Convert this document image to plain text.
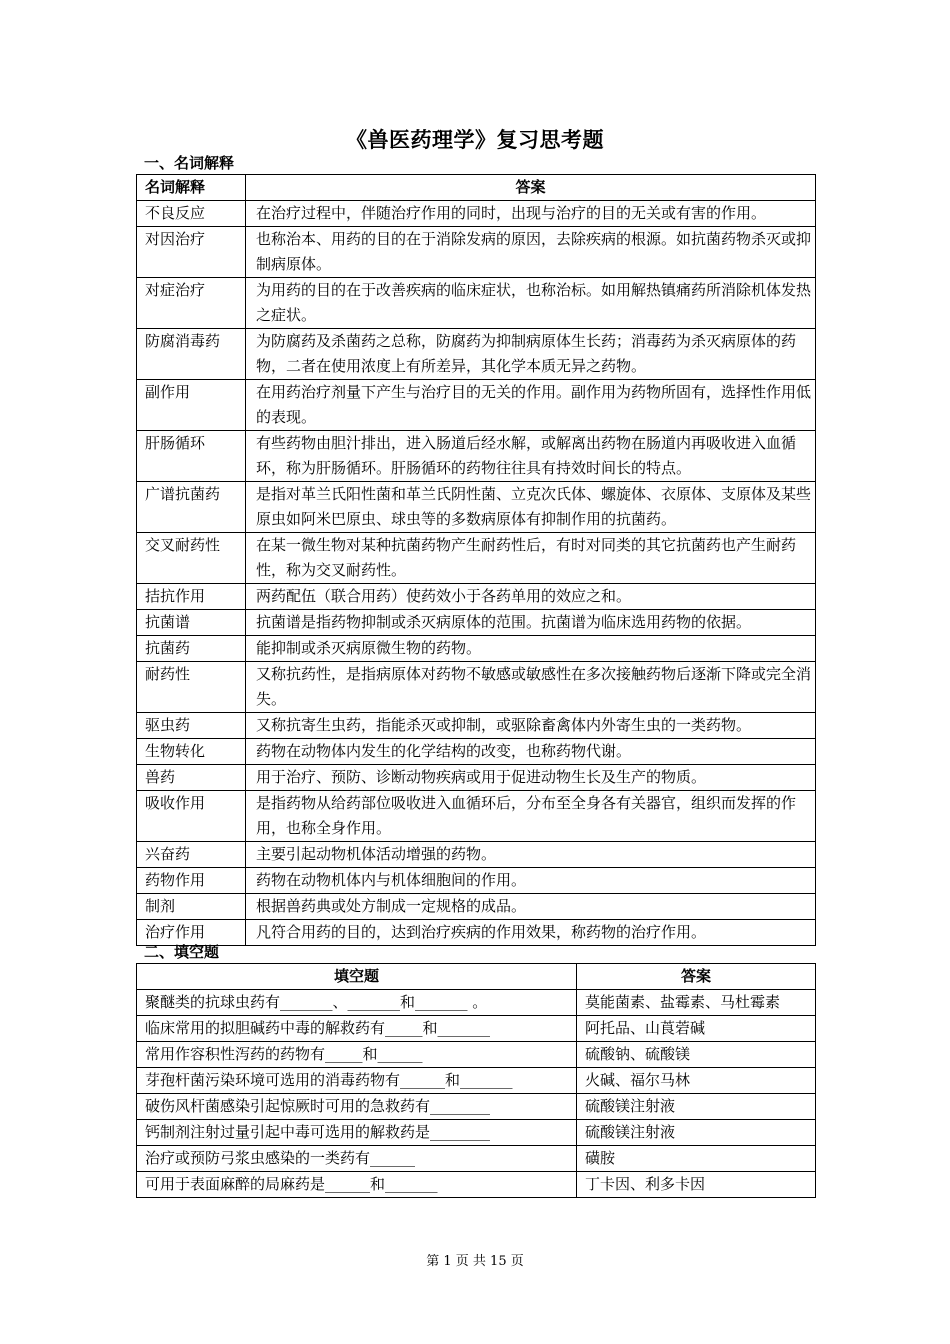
《兽医药理学》复习思考题
一、名词解释
名词解释	答案
不良反应	在治疗过程中，伴随治疗作用的同时，出现与治疗的目的无关或有害的作用。
对因治疗	也称治本、用药的目的在于消除发病的原因，去除疾病的根源。如抗菌药物杀灭或抑制病原体。
对症治疗	为用药的目的在于改善疾病的临床症状，也称治标。如用解热镇痛药所消除机体发热之症状。
防腐消毒药	为防腐药及杀菌药之总称，防腐药为抑制病原体生长药；消毒药为杀灭病原体的药物，二者在使用浓度上有所差异，其化学本质无异之药物。
副作用	在用药治疗剂量下产生与治疗目的无关的作用。副作用为药物所固有，选择性作用低的表现。
肝肠循环	有些药物由胆汁排出，进入肠道后经水解，或解离出药物在肠道内再吸收进入血循环，称为肝肠循环。肝肠循环的药物往往具有持效时间长的特点。
广谱抗菌药	是指对革兰氏阳性菌和革兰氏阴性菌、立克次氏体、螺旋体、衣原体、支原体及某些原虫如阿米巴原虫、球虫等的多数病原体有抑制作用的抗菌药。
交叉耐药性	在某一微生物对某种抗菌药物产生耐药性后，有时对同类的其它抗菌药也产生耐药性，称为交叉耐药性。
拮抗作用	两药配伍（联合用药）使药效小于各药单用的效应之和。
抗菌谱	抗菌谱是指药物抑制或杀灭病原体的范围。抗菌谱为临床选用药物的依据。
抗菌药	能抑制或杀灭病原微生物的药物。
耐药性	又称抗药性，是指病原体对药物不敏感或敏感性在多次接触药物后逐渐下降或完全消失。
驱虫药	又称抗寄生虫药，指能杀灭或抑制，或驱除畜禽体内外寄生虫的一类药物。
生物转化	药物在动物体内发生的化学结构的改变，也称药物代谢。
兽药	用于治疗、预防、诊断动物疾病或用于促进动物生长及生产的物质。
吸收作用	是指药物从给药部位吸收进入血循环后，分布至全身各有关器官，组织而发挥的作用，也称全身作用。
兴奋药	主要引起动物机体活动增强的药物。
药物作用	药物在动物机体内与机体细胞间的作用。
制剂	根据兽药典或处方制成一定规格的成品。
治疗作用	凡符合用药的目的，达到治疗疾病的作用效果，称药物的治疗作用。
二、填空题
填空题	答案
聚醚类的抗球虫药有_______、_______和_______ 。	莫能菌素、盐霉素、马杜霉素
临床常用的拟胆碱药中毒的解救药有_____和_______	阿托品、山莨菪碱
常用作容积性泻药的药物有_____和______	硫酸钠、硫酸镁
芽孢杆菌污染环境可选用的消毒药物有______和_______	火碱、福尔马林
破伤风杆菌感染引起惊厥时可用的急救药有________	硫酸镁注射液
钙制剂注射过量引起中毒可选用的解救药是________	硫酸镁注射液
治疗或预防弓浆虫感染的一类药有______	磺胺
可用于表面麻醉的局麻药是______和_______	丁卡因、利多卡因
第 1 页 共 15 页
